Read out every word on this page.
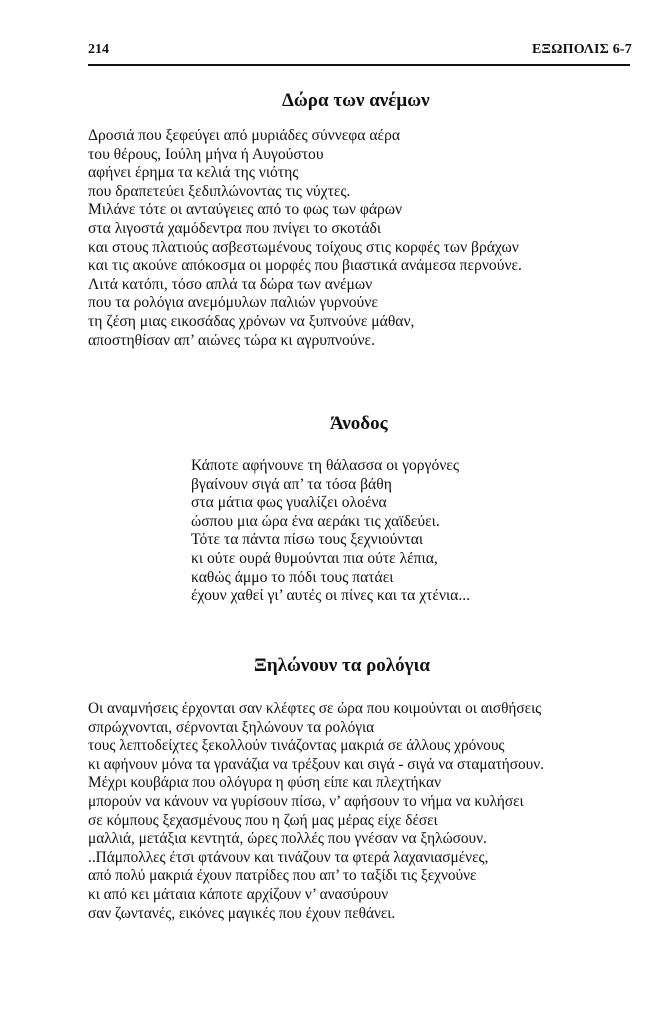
214	ΕΞΩΠΟΛΙΣ 6-7
Δώρα των ανέμων
Δροσιά που ξεφεύγει από μυριάδες σύννεφα αέρα
του θέρους, Ιούλη μήνα ή Αυγούστου
αφήνει έρημα τα κελιά της νιότης
που δραπετεύει ξεδιπλώνοντας τις νύχτες.
Μιλάνε τότε οι ανταύγειες από το φως των φάρων
στα λιγοστά χαμόδεντρα που πνίγει το σκοτάδι
και στους πλατιούς ασβεστωμένους τοίχους στις κορφές των βράχων
και τις ακούνε απόκοσμα οι μορφές που βιαστικά ανάμεσα περνούνε.
Λιτά κατόπι, τόσο απλά τα δώρα των ανέμων
που τα ρολόγια ανεμόμυλων παλιών γυρνούνε
τη ζέση μιας εικοσάδας χρόνων να ξυπνούνε μάθαν,
αποστηθίσαν απ’ αιώνες τώρα κι αγρυπνούνε.
Άνοδος
Κάποτε αφήνουνε τη θάλασσα οι γοργόνες
βγαίνουν σιγά απ’ τα τόσα βάθη
στα μάτια φως γυαλίζει ολοένα
ώσπου μια ώρα ένα αεράκι τις χαϊδεύει.
Τότε τα πάντα πίσω τους ξεχνιούνται
κι ούτε ουρά θυμούνται πια ούτε λέπια,
καθώς άμμο το πόδι τους πατάει
έχουν χαθεί γι’ αυτές οι πίνες και τα χτένια...
Ξηλώνουν τα ρολόγια
Οι αναμνήσεις έρχονται σαν κλέφτες σε ώρα που κοιμούνται οι αισθήσεις
σπρώχνονται, σέρνονται ξηλώνουν τα ρολόγια
τους λεπτοδείχτες ξεκολλούν τινάζοντας μακριά σε άλλους χρόνους
κι αφήνουν μόνα τα γρανάζια να τρέξουν και σιγά - σιγά να σταματήσουν.
Μέχρι κουβάρια που ολόγυρα η φύση είπε και πλεχτήκαν
μπορούν να κάνουν να γυρίσουν πίσω, ν’ αφήσουν το νήμα να κυλήσει
σε κόμπους ξεχασμένους που η ζωή μας μέρας είχε δέσει
μαλλιά, μετάξια κεντητά, ώρες πολλές που γνέσαν να ξηλώσουν.
..Πάμπολλες έτσι φτάνουν και τινάζουν τα φτερά λαχανιασμένες,
από πολύ μακριά έχουν πατρίδες που απ’ το ταξίδι τις ξεχνούνε
κι από κει μάταια κάποτε αρχίζουν ν’ ανασύρουν
σαν ζωντανές, εικόνες μαγικές που έχουν πεθάνει.
